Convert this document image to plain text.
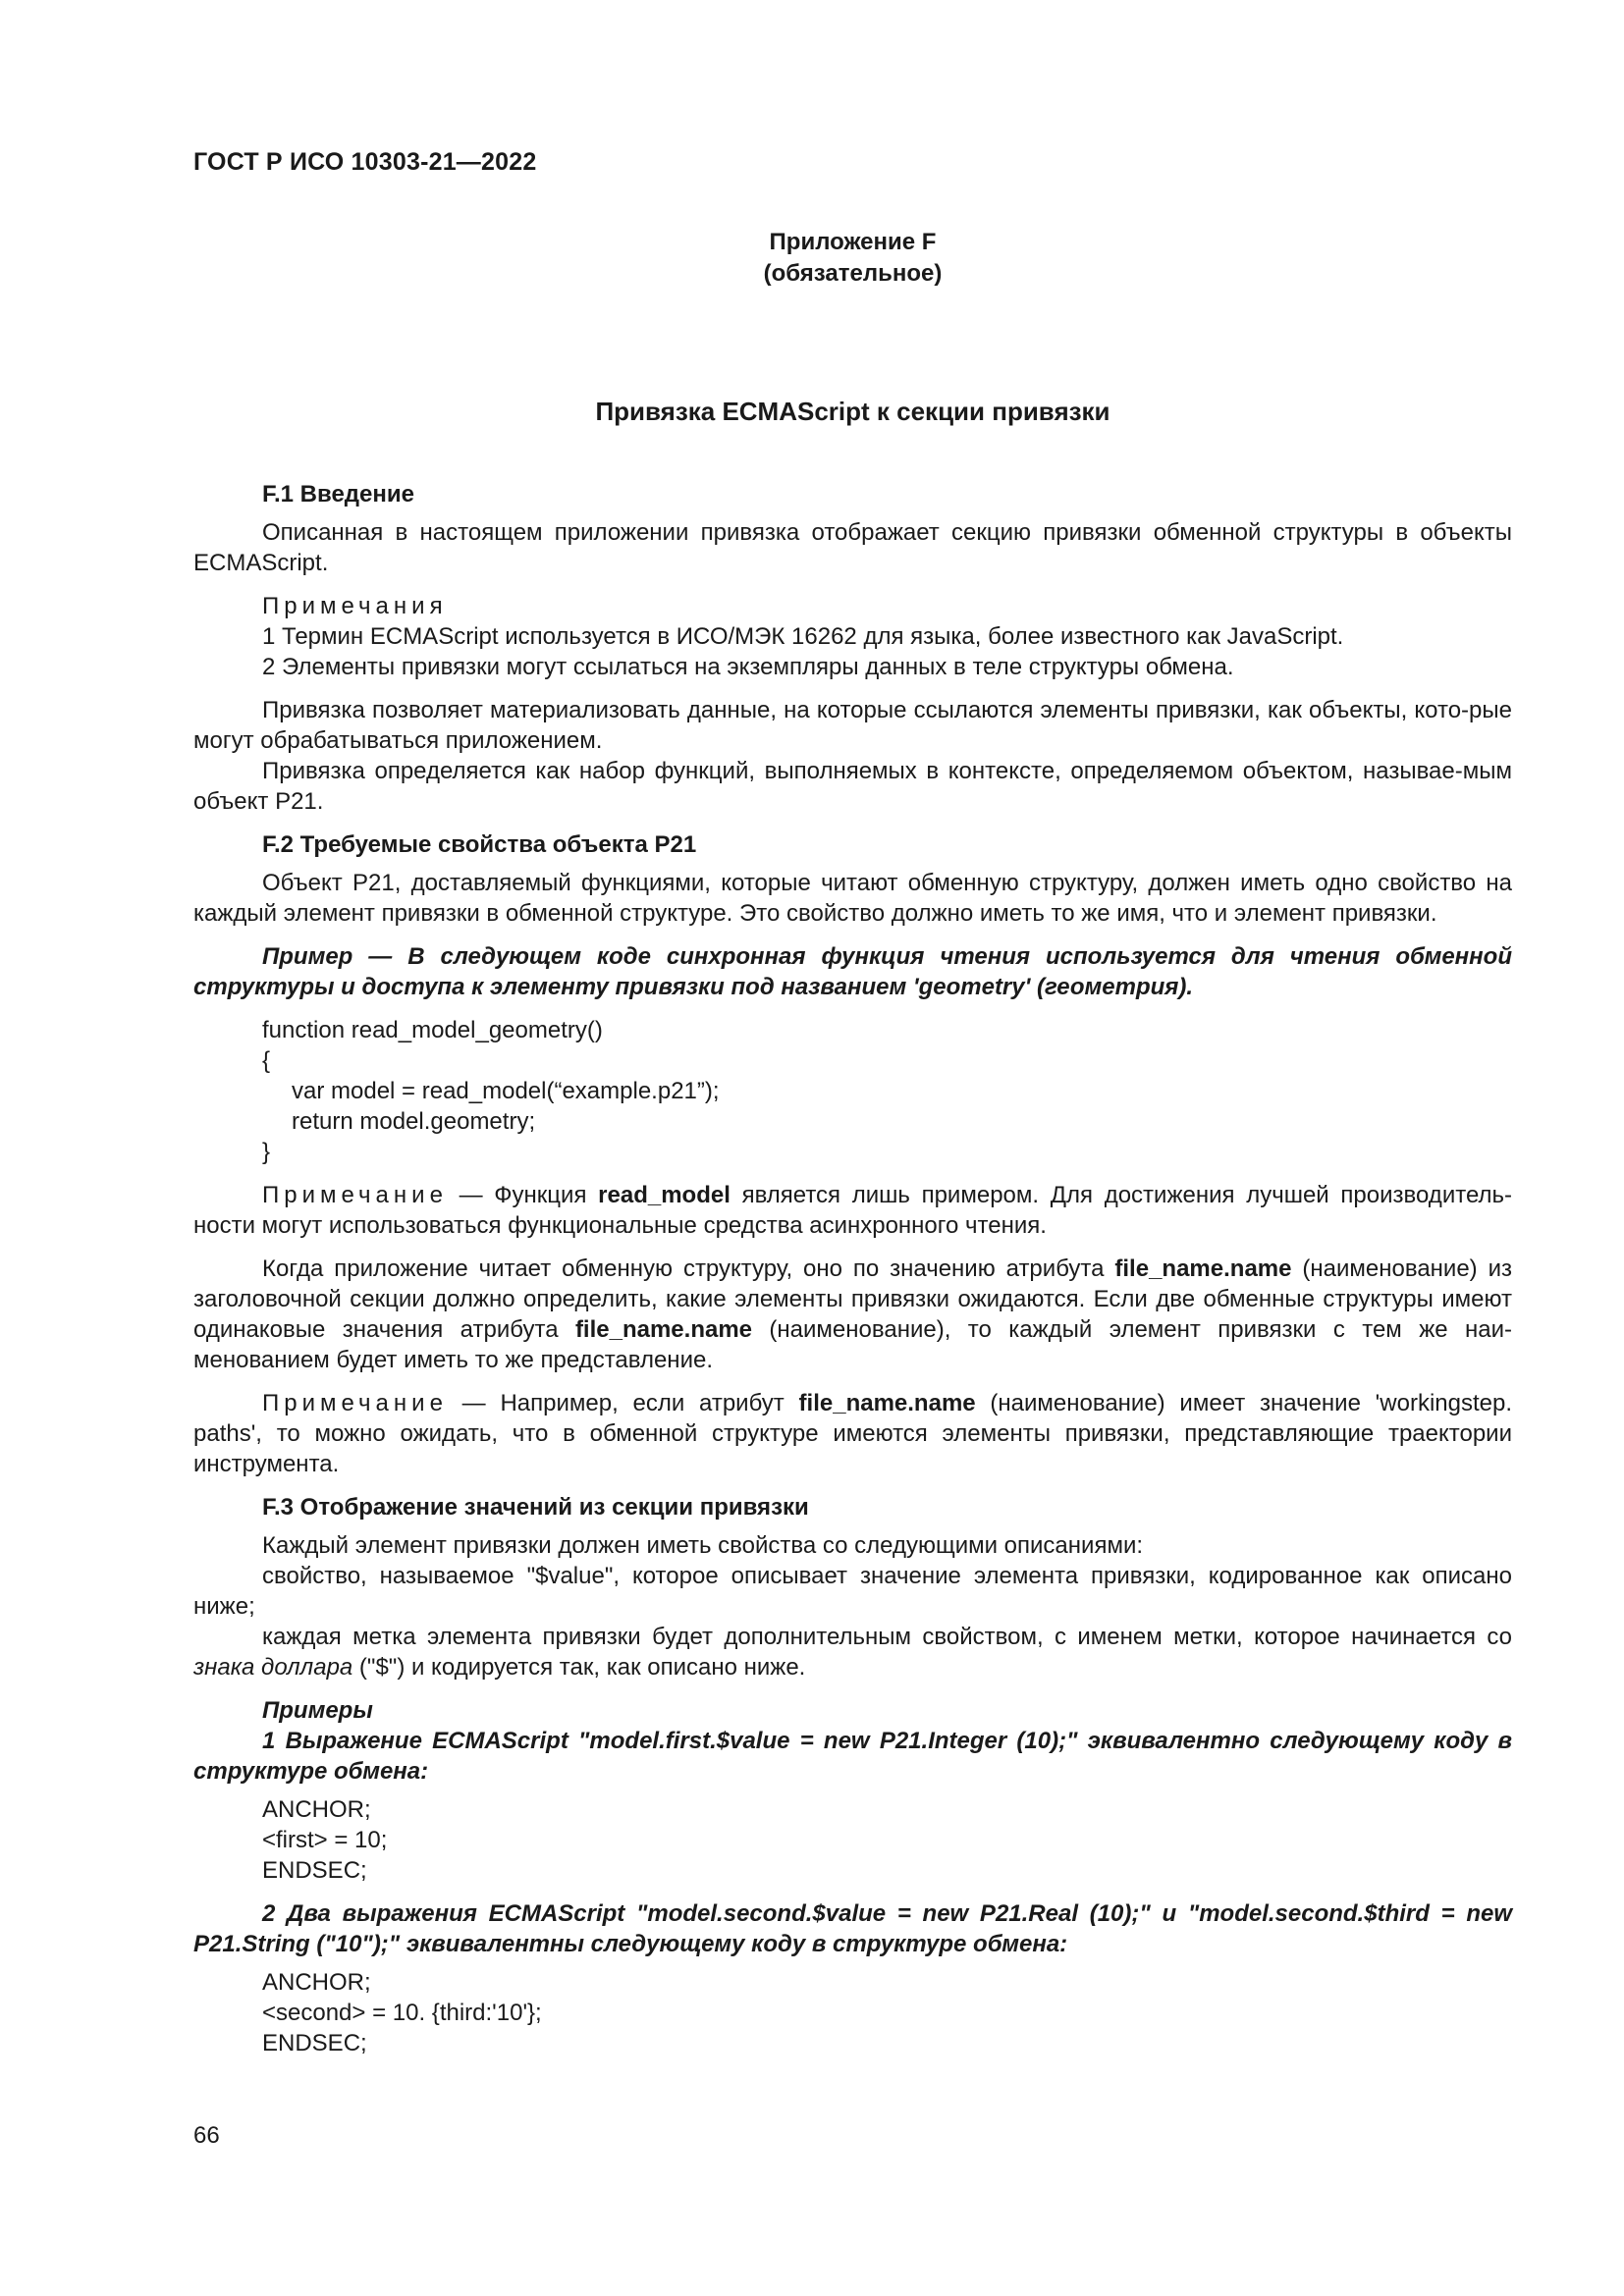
ГОСТ Р ИСО 10303-21—2022
Приложение F
(обязательное)
Привязка ECMAScript к секции привязки

F.1 Введение

Описанная в настоящем приложении привязка отображает секцию привязки обменной структуры в объекты ECMAScript.

Примечания

1 Термин ECMAScript используется в ИСО/МЭК 16262 для языка, более известного как JavaScript.

2 Элементы привязки могут ссылаться на экземпляры данных в теле структуры обмена.

Привязка позволяет материализовать данные, на которые ссылаются элементы привязки, как объекты, кото-рые могут обрабатываться приложением.

Привязка определяется как набор функций, выполняемых в контексте, определяемом объектом, называе-мым объект P21.

F.2 Требуемые свойства объекта P21

Объект P21, доставляемый функциями, которые читают обменную структуру, должен иметь одно свойство на каждый элемент привязки в обменной структуре. Это свойство должно иметь то же имя, что и элемент привязки.

Пример — В следующем коде синхронная функция чтения используется для чтения обменной структуры и доступа к элементу привязки под названием 'geometry' (геометрия).

function read_model_geometry()

{

var model = read_model(“example.p21”);

return model.geometry;

}

Примечание — Функция read_model является лишь примером. Для достижения лучшей производитель-ности могут использоваться функциональные средства асинхронного чтения.

Когда приложение читает обменную структуру, оно по значению атрибута file_name.name (наименование) из заголовочной секции должно определить, какие элементы привязки ожидаются. Если две обменные структуры имеют одинаковые значения атрибута file_name.name (наименование), то каждый элемент привязки с тем же наи-менованием будет иметь то же представление.

Примечание — Например, если атрибут file_name.name (наименование) имеет значение 'workingstep. paths', то можно ожидать, что в обменной структуре имеются элементы привязки, представляющие траектории инструмента.

F.3 Отображение значений из секции привязки

Каждый элемент привязки должен иметь свойства со следующими описаниями:

свойство, называемое "$value", которое описывает значение элемента привязки, кодированное как описано ниже;

каждая метка элемента привязки будет дополнительным свойством, с именем метки, которое начинается со знака доллара ("$") и кодируется так, как описано ниже.

Примеры

1 Выражение ECMAScript "model.first.$value = new P21.Integer (10);" эквивалентно следующему коду в структуре обмена:

ANCHOR;

<first> = 10;

ENDSEC;

2 Два выражения ECMAScript "model.second.$value = new P21.Real (10);" и "model.second.$third = new P21.String ("10");" эквивалентны следующему коду в структуре обмена:

ANCHOR;

<second> = 10. {third:'10'};

ENDSEC;

66
